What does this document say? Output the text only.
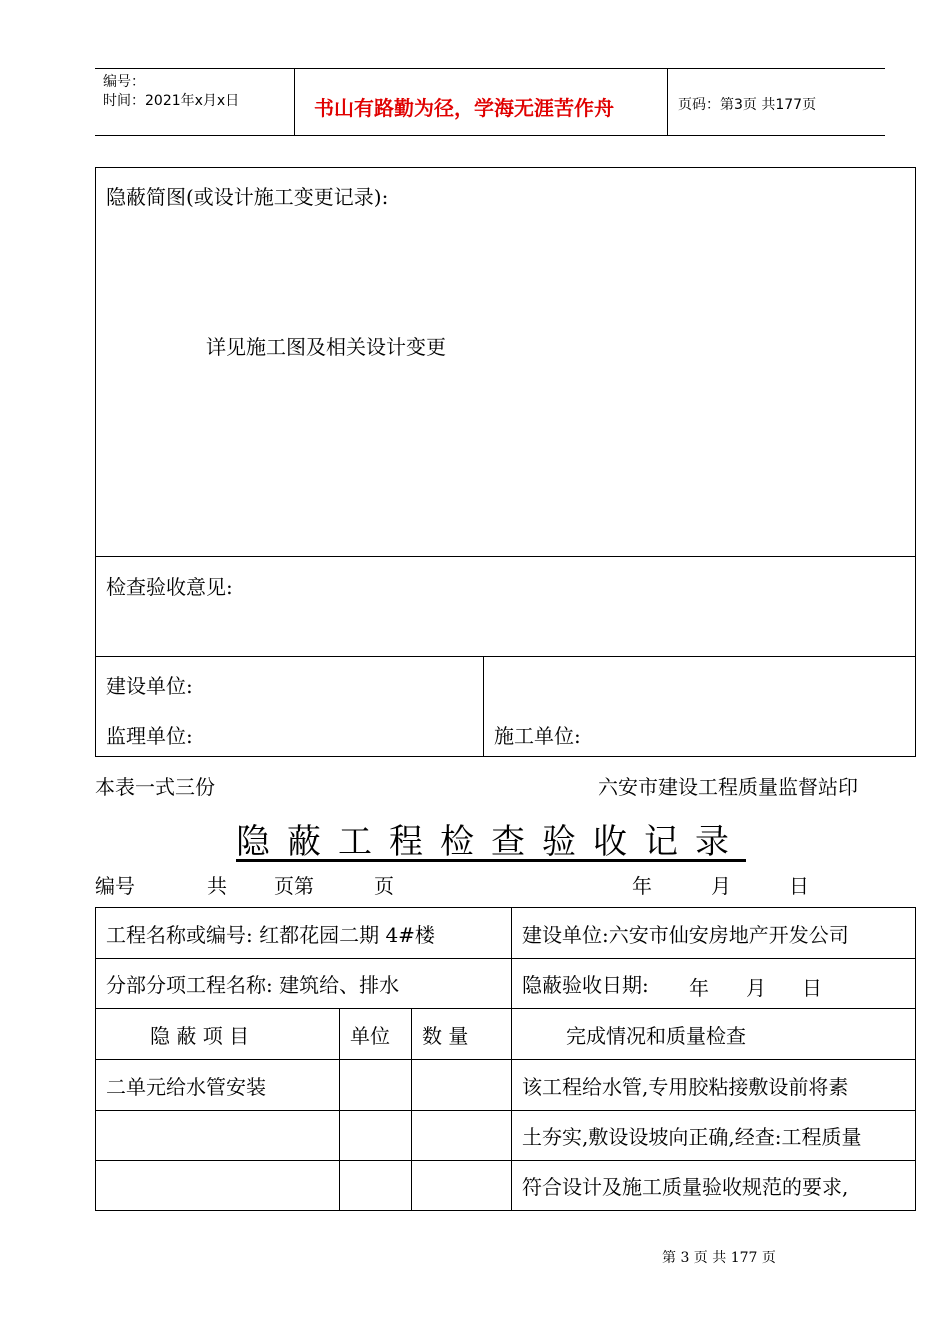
编号：
时间：2021年x月x日	书山有路勤为径，学海无涯苦作舟	页码：第3页 共177页
隐蔽简图(或设计施工变更记录):
详见施工图及相关设计变更

检查验收意见:

建设单位:
监理单位:	施工单位:
本表一式三份	六安市建设工程质量监督站印
隐蔽工程检查验收记录
编号	共 页第	页	年	月	日
工程名称或编号: 红都花园二期 4#楼			建设单位:六安市仙安房地产开发公司
分部分项工程名称: 建筑给、排水			隐蔽验收日期: 年 月 日

隐 蔽 项 目	单位	数 量	完成情况和质量检查
二单元给水管安装			该工程给水管,专用胶粘接敷设前将素
			土夯实,敷设设坡向正确,经查:工程质量
			符合设计及施工质量验收规范的要求,
第 3 页 共 177 页
